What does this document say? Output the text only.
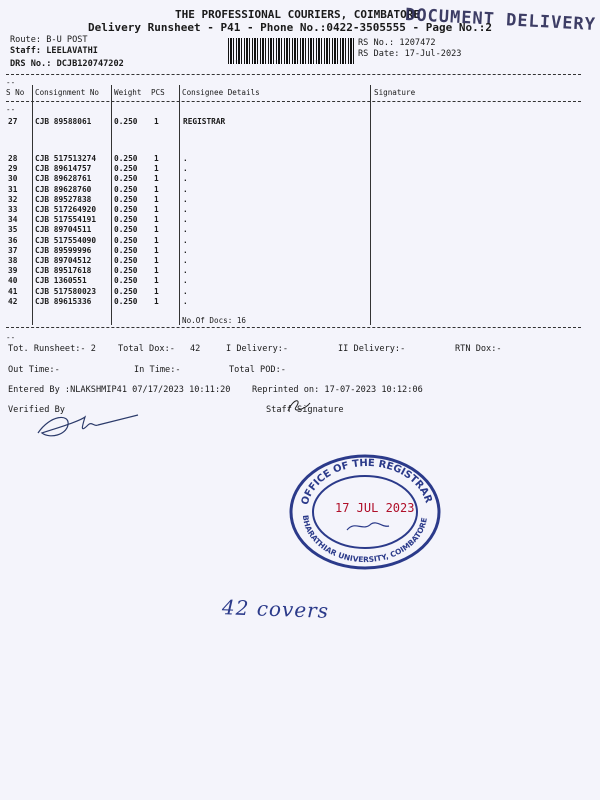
THE PROFESSIONAL COURIERS, COIMBATORE
DOCUMENT DELIVERY
Delivery Runsheet - P41 - Phone No.:0422-3505555 - Page No.:2
Route: B-U POST
Staff: LEELAVATHI
DRS No.: DCJB120747202
RS No.: 1207472
RS Date: 17-Jul-2023
--
S No Consignment No Weight PCS Consignee Details	Signature
--
27 CJB 89588061	0.250 1	REGISTRAR
28 CJB 517513274 0.250 1	.
29 CJB 89614757	0.250 1	.
30 CJB 89628761	0.250 1	.
31 CJB 89628760	0.250 1	.
32 CJB 89527838	0.250 1	.
33 CJB 517264920 0.250 1	.
34 CJB 517554191 0.250 1	.
35 CJB 89704511	0.250 1	.
36 CJB 517554090 0.250 1	.
37 CJB 89599996	0.250 1	.
38 CJB 89704512	0.250 1	.
39 CJB 89517618	0.250 1	.
40 CJB 1360551	0.250 1	.
41 CJB 517580023 0.250 1	.
42 CJB 89615336	0.250 1	.
No.Of Docs: 16
--
Tot. Runsheet:- 2	Total Dox:- 42	I Delivery:-	II Delivery:-	RTN Dox:-
Out Time:-	In Time:-	Total POD:-
Entered By :NLAKSHMIP41 07/17/2023 10:11:20	Reprinted on: 17-07-2023 10:12:06
Verified By	Staff Signature
OFFICE OF THE REGISTRAR
BHARATHIAR UNIVERSITY, COIMBATORE
17 JUL 2023
42 covers
